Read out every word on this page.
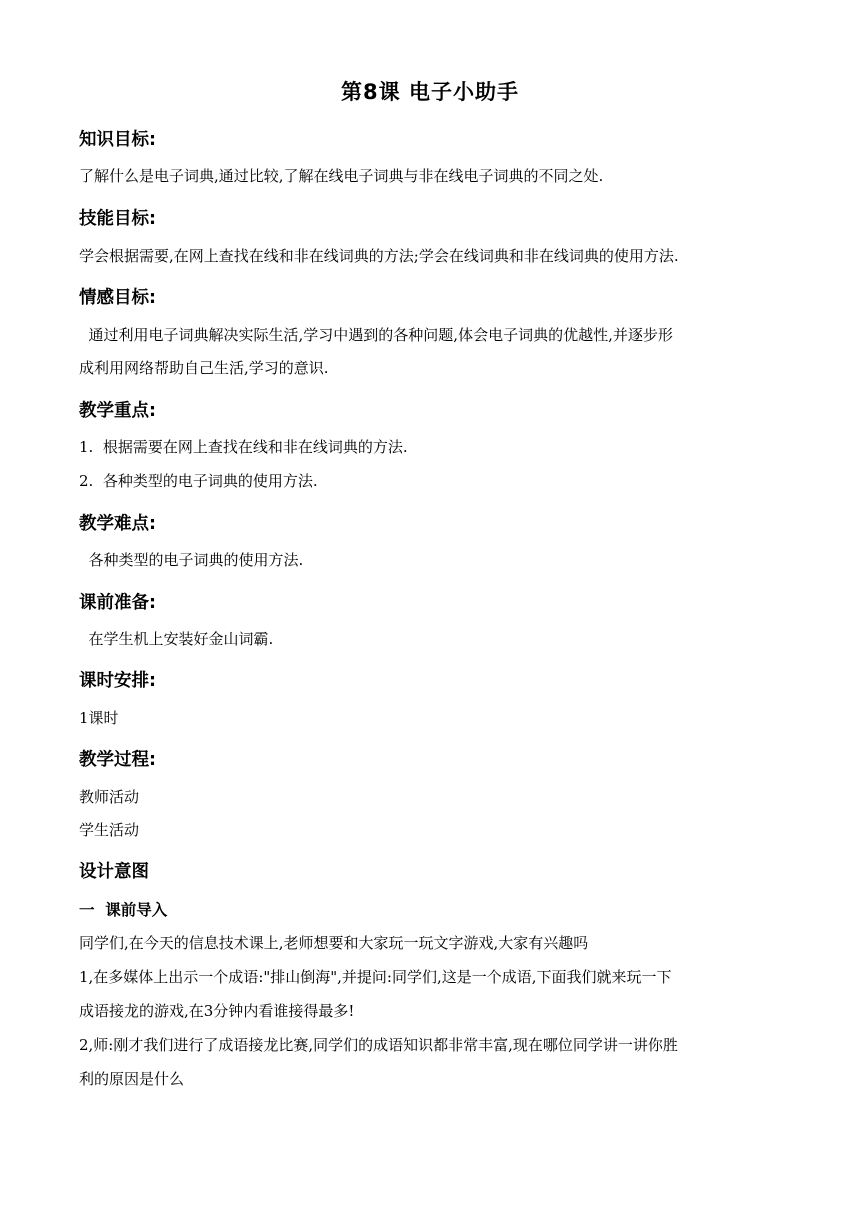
第8课 电子小助手
知识目标:
了解什么是电子词典,通过比较,了解在线电子词典与非在线电子词典的不同之处.
技能目标:
学会根据需要,在网上查找在线和非在线词典的方法;学会在线词典和非在线词典的使用方法.
情感目标:
通过利用电子词典解决实际生活,学习中遇到的各种问题,体会电子词典的优越性,并逐步形
成利用网络帮助自己生活,学习的意识.
教学重点:
1.  根据需要在网上查找在线和非在线词典的方法.
2.  各种类型的电子词典的使用方法.
教学难点:
各种类型的电子词典的使用方法.
课前准备:
在学生机上安装好金山词霸.
课时安排:
1课时
教学过程:
教师活动
学生活动
设计意图
一  课前导入
同学们,在今天的信息技术课上,老师想要和大家玩一玩文字游戏,大家有兴趣吗
1,在多媒体上出示一个成语:"排山倒海",并提问:同学们,这是一个成语,下面我们就来玩一下
成语接龙的游戏,在3分钟内看谁接得最多!
2,师:刚才我们进行了成语接龙比赛,同学们的成语知识都非常丰富,现在哪位同学讲一讲你胜
利的原因是什么
